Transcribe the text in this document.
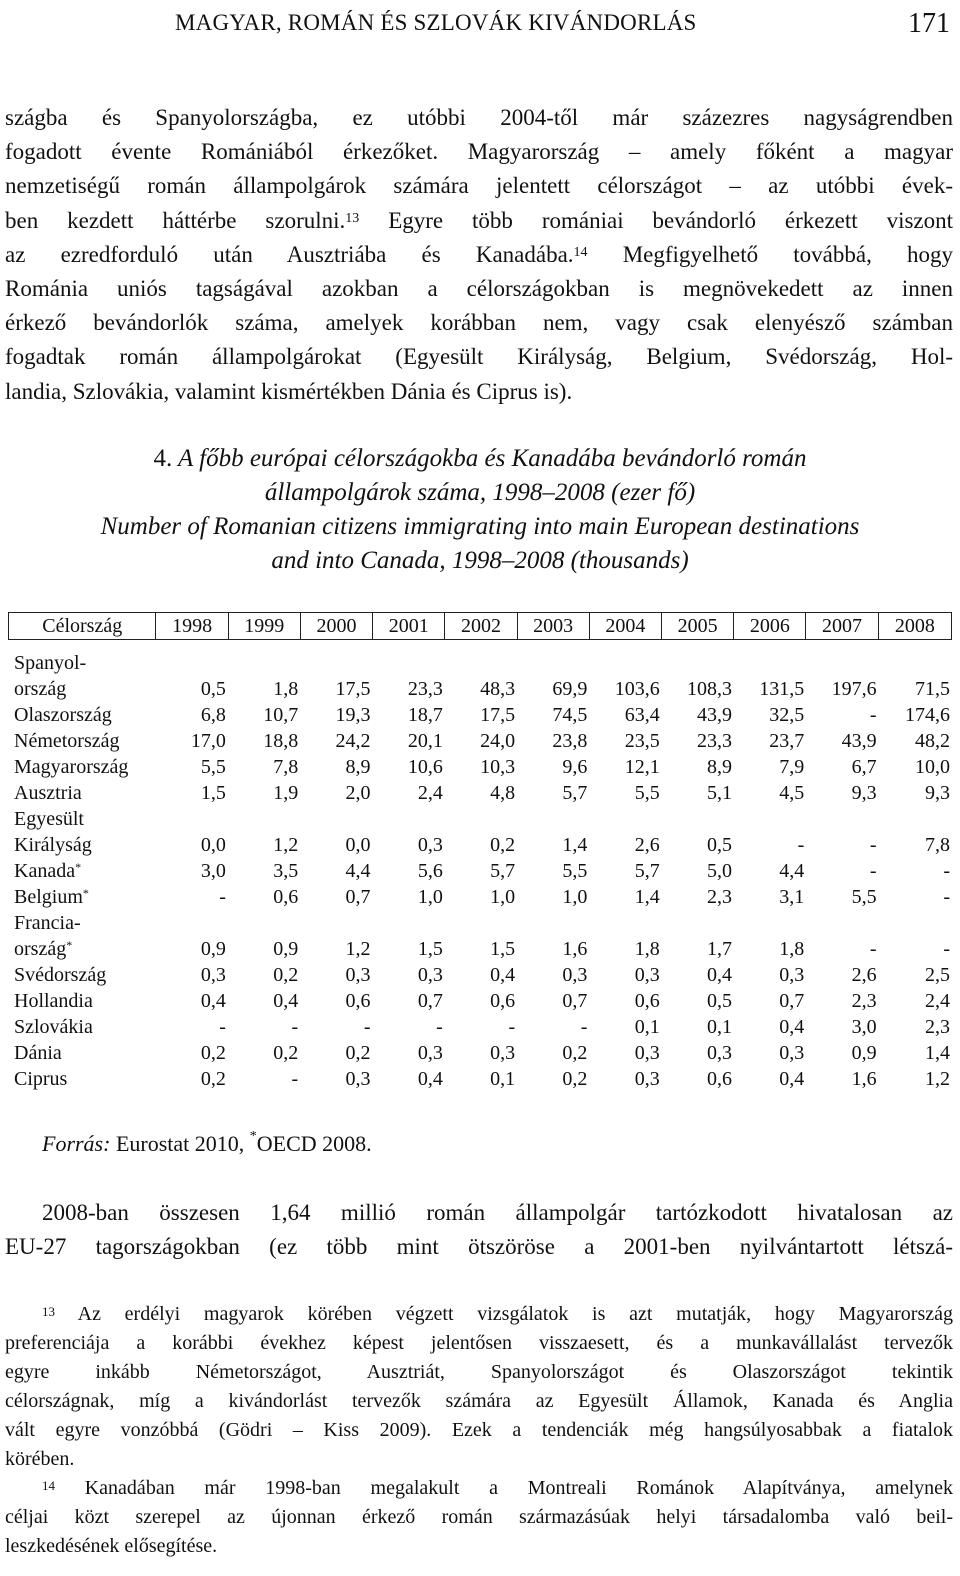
MAGYAR, ROMÁN ÉS SZLOVÁK KIVÁNDORLÁS	171
szágba és Spanyolországba, ez utóbbi 2004-től már százezres nagyságrendben
fogadott évente Romániából érkezőket. Magyarország – amely főként a magyar
nemzetiségű román állampolgárok számára jelentett célországot – az utóbbi évek-
ben kezdett háttérbe szorulni.$^{13}$ Egyre több romániai bevándorló érkezett viszont
az ezredforduló után Ausztriába és Kanadába.$^{14}$ Megfigyelhető továbbá, hogy
Románia uniós tagságával azokban a célországokban is megnövekedett az innen
érkező bevándorlók száma, amelyek korábban nem, vagy csak elenyésző számban
fogadtak román állampolgárokat (Egyesült Királyság, Belgium, Svédország, Hol-
landia, Szlovákia, valamint kismértékben Dánia és Ciprus is).
4. A főbb európai célországokba és Kanadába bevándorló román
állampolgárok száma, 1998–2008 (ezer fő)
Number of Romanian citizens immigrating into main European destinations
and into Canada, 1998–2008 (thousands)
Célország	1998	1999	2000	2001	2002	2003	2004	2005	2006	2007	2008
Spanyol-											
ország	0,5	1,8	17,5	23,3	48,3	69,9	103,6	108,3	131,5	197,6	71,5
Olaszország	6,8	10,7	19,3	18,7	17,5	74,5	63,4	43,9	32,5	-	174,6
Németország	17,0	18,8	24,2	20,1	24,0	23,8	23,5	23,3	23,7	43,9	48,2
Magyarország	5,5	7,8	8,9	10,6	10,3	9,6	12,1	8,9	7,9	6,7	10,0
Ausztria	1,5	1,9	2,0	2,4	4,8	5,7	5,5	5,1	4,5	9,3	9,3
Egyesült											
Királyság	0,0	1,2	0,0	0,3	0,2	1,4	2,6	0,5	-	-	7,8
Kanada*	3,0	3,5	4,4	5,6	5,7	5,5	5,7	5,0	4,4	-	-
Belgium*	-	0,6	0,7	1,0	1,0	1,0	1,4	2,3	3,1	5,5	-
Francia-											
ország*	0,9	0,9	1,2	1,5	1,5	1,6	1,8	1,7	1,8	-	-
Svédország	0,3	0,2	0,3	0,3	0,4	0,3	0,3	0,4	0,3	2,6	2,5
Hollandia	0,4	0,4	0,6	0,7	0,6	0,7	0,6	0,5	0,7	2,3	2,4
Szlovákia	-	-	-	-	-	-	0,1	0,1	0,4	3,0	2,3
Dánia	0,2	0,2	0,2	0,3	0,3	0,2	0,3	0,3	0,3	0,9	1,4
Ciprus	0,2	-	0,3	0,4	0,1	0,2	0,3	0,6	0,4	1,6	1,2
Forrás: Eurostat 2010, *OECD 2008.
2008-ban összesen 1,64 millió román állampolgár tartózkodott hivatalosan az
EU-27 tagországokban (ez több mint ötszöröse a 2001-ben nyilvántartott létszá-
$^{13}$ Az erdélyi magyarok körében végzett vizsgálatok is azt mutatják, hogy Magyarország
preferenciája a korábbi évekhez képest jelentősen visszaesett, és a munkavállalást tervezők
egyre inkább Németországot, Ausztriát, Spanyolországot és Olaszországot tekintik
célországnak, míg a kivándorlást tervezők számára az Egyesült Államok, Kanada és Anglia
vált egyre vonzóbbá (Gödri – Kiss 2009). Ezek a tendenciák még hangsúlyosabbak a fiatalok
körében.
$^{14}$ Kanadában már 1998-ban megalakult a Montreali Románok Alapítványa, amelynek
céljai közt szerepel az újonnan érkező román származásúak helyi társadalomba való beil-
leszkedésének elősegítése.
